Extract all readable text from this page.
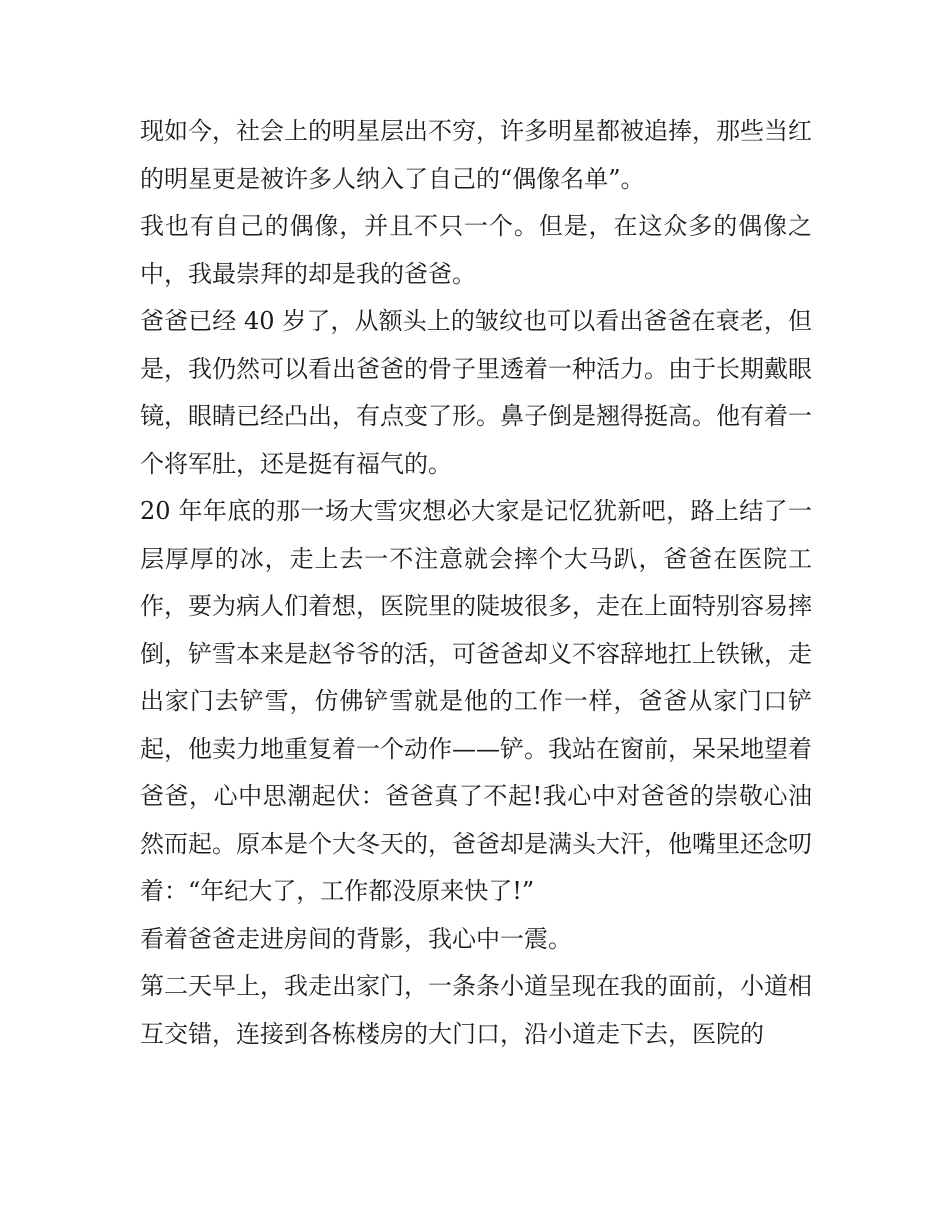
现如今，社会上的明星层出不穷，许多明星都被追捧，那些当红的明星更是被许多人纳入了自己的“偶像名单”。

我也有自己的偶像，并且不只一个。但是，在这众多的偶像之中，我最崇拜的却是我的爸爸。

爸爸已经 40 岁了，从额头上的皱纹也可以看出爸爸在衰老，但是，我仍然可以看出爸爸的骨子里透着一种活力。由于长期戴眼镜，眼睛已经凸出，有点变了形。鼻子倒是翘得挺高。他有着一个将军肚，还是挺有福气的。

20 年年底的那一场大雪灾想必大家是记忆犹新吧，路上结了一层厚厚的冰，走上去一不注意就会摔个大马趴，爸爸在医院工作，要为病人们着想，医院里的陡坡很多，走在上面特别容易摔倒，铲雪本来是赵爷爷的活，可爸爸却义不容辞地扛上铁锹，走出家门去铲雪，仿佛铲雪就是他的工作一样，爸爸从家门口铲起，他卖力地重复着一个动作——铲。我站在窗前，呆呆地望着爸爸，心中思潮起伏：爸爸真了不起!我心中对爸爸的崇敬心油然而起。原本是个大冬天的，爸爸却是满头大汗，他嘴里还念叨着：“年纪大了，工作都没原来快了!”

看着爸爸走进房间的背影，我心中一震。

第二天早上，我走出家门，一条条小道呈现在我的面前，小道相互交错，连接到各栋楼房的大门口，沿小道走下去，医院的
